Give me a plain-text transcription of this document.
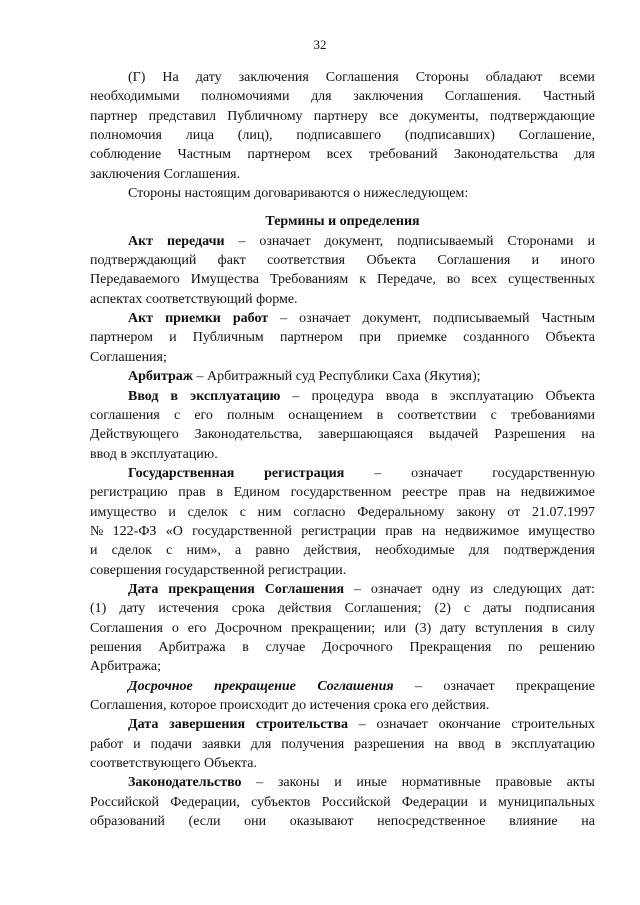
32
(Г) На дату заключения Соглашения Стороны обладают всеми
необходимыми полномочиями для заключения Соглашения. Частный
партнер представил Публичному партнеру все документы, подтверждающие
полномочия лица (лиц), подписавшего (подписавших) Соглашение,
соблюдение Частным партнером всех требований Законодательства для
заключения Соглашения.
Стороны настоящим договариваются о нижеследующем:
Термины и определения
Акт передачи – означает документ, подписываемый Сторонами и
подтверждающий факт соответствия Объекта Соглашения и иного
Передаваемого Имущества Требованиям к Передаче, во всех существенных
аспектах соответствующий форме.
Акт приемки работ – означает документ, подписываемый Частным
партнером и Публичным партнером при приемке созданного Объекта
Соглашения;
Арбитраж – Арбитражный суд Республики Саха (Якутия);
Ввод в эксплуатацию – процедура ввода в эксплуатацию Объекта
соглашения с его полным оснащением в соответствии с требованиями
Действующего Законодательства, завершающаяся выдачей Разрешения на
ввод в эксплуатацию.
Государственная регистрация – означает государственную
регистрацию прав в Едином государственном реестре прав на недвижимое
имущество и сделок с ним согласно Федеральному закону от 21.07.1997
№ 122-ФЗ «О государственной регистрации прав на недвижимое имущество
и сделок с ним», а равно действия, необходимые для подтверждения
совершения государственной регистрации.
Дата прекращения Соглашения – означает одну из следующих дат:
(1) дату истечения срока действия Соглашения; (2) с даты подписания
Соглашения о его Досрочном прекращении; или (3) дату вступления в силу
решения Арбитража в случае Досрочного Прекращения по решению
Арбитража;
Досрочное прекращение Соглашения – означает прекращение
Соглашения, которое происходит до истечения срока его действия.
Дата завершения строительства – означает окончание строительных
работ и подачи заявки для получения разрешения на ввод в эксплуатацию
соответствующего Объекта.
Законодательство – законы и иные нормативные правовые акты
Российской Федерации, субъектов Российской Федерации и муниципальных
образований (если они оказывают непосредственное влияние на
